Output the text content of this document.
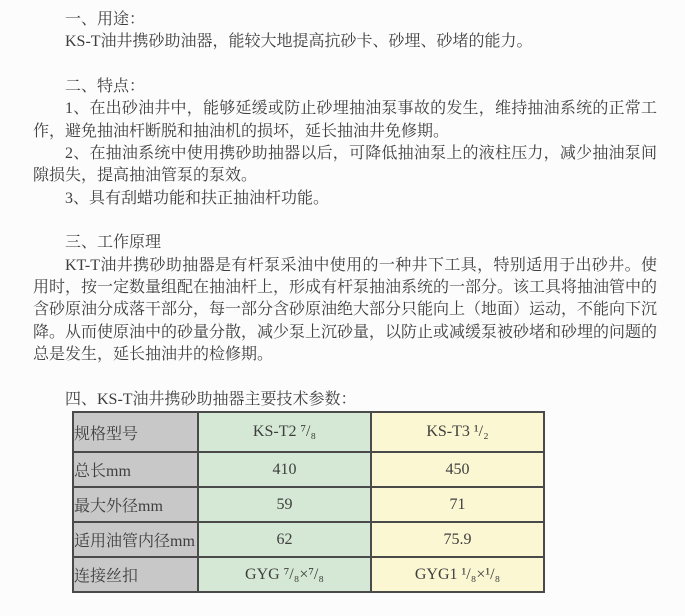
一、用途：

KS-T油井携砂助油器，能较大地提高抗砂卡、砂埋、砂堵的能力。

二、特点：

1、在出砂油井中，能够延缓或防止砂埋抽油泵事故的发生，维持抽油系统的正常工作，避免抽油杆断脱和抽油机的损坏，延长抽油井免修期。

2、在抽油系统中使用携砂助抽器以后，可降低抽油泵上的液柱压力，减少抽油泵间隙损失，提高抽油管泵的泵效。

3、具有刮蜡功能和扶正抽油杆功能。

三、工作原理

KT-T油井携砂助抽器是有杆泵采油中使用的一种井下工具，特别适用于出砂井。使用时，按一定数量组配在抽油杆上，形成有杆泵抽油系统的一部分。该工具将抽油管中的含砂原油分成落干部分，每一部分含砂原油绝大部分只能向上（地面）运动，不能向下沉降。从而使原油中的砂量分散，减少泵上沉砂量，以防止或减缓泵被砂堵和砂埋的问题的总是发生，延长抽油井的检修期。

四、KS-T油井携砂助抽器主要技术参数：

规格型号	KS-T2 ⁷/₈	KS-T3 ¹/₂
总长mm	410	450
最大外径mm	59	71
适用油管内径mm	62	75.9
连接丝扣	GYG ⁷/₈×⁷/₈	GYG1 ¹/₈×¹/₈
